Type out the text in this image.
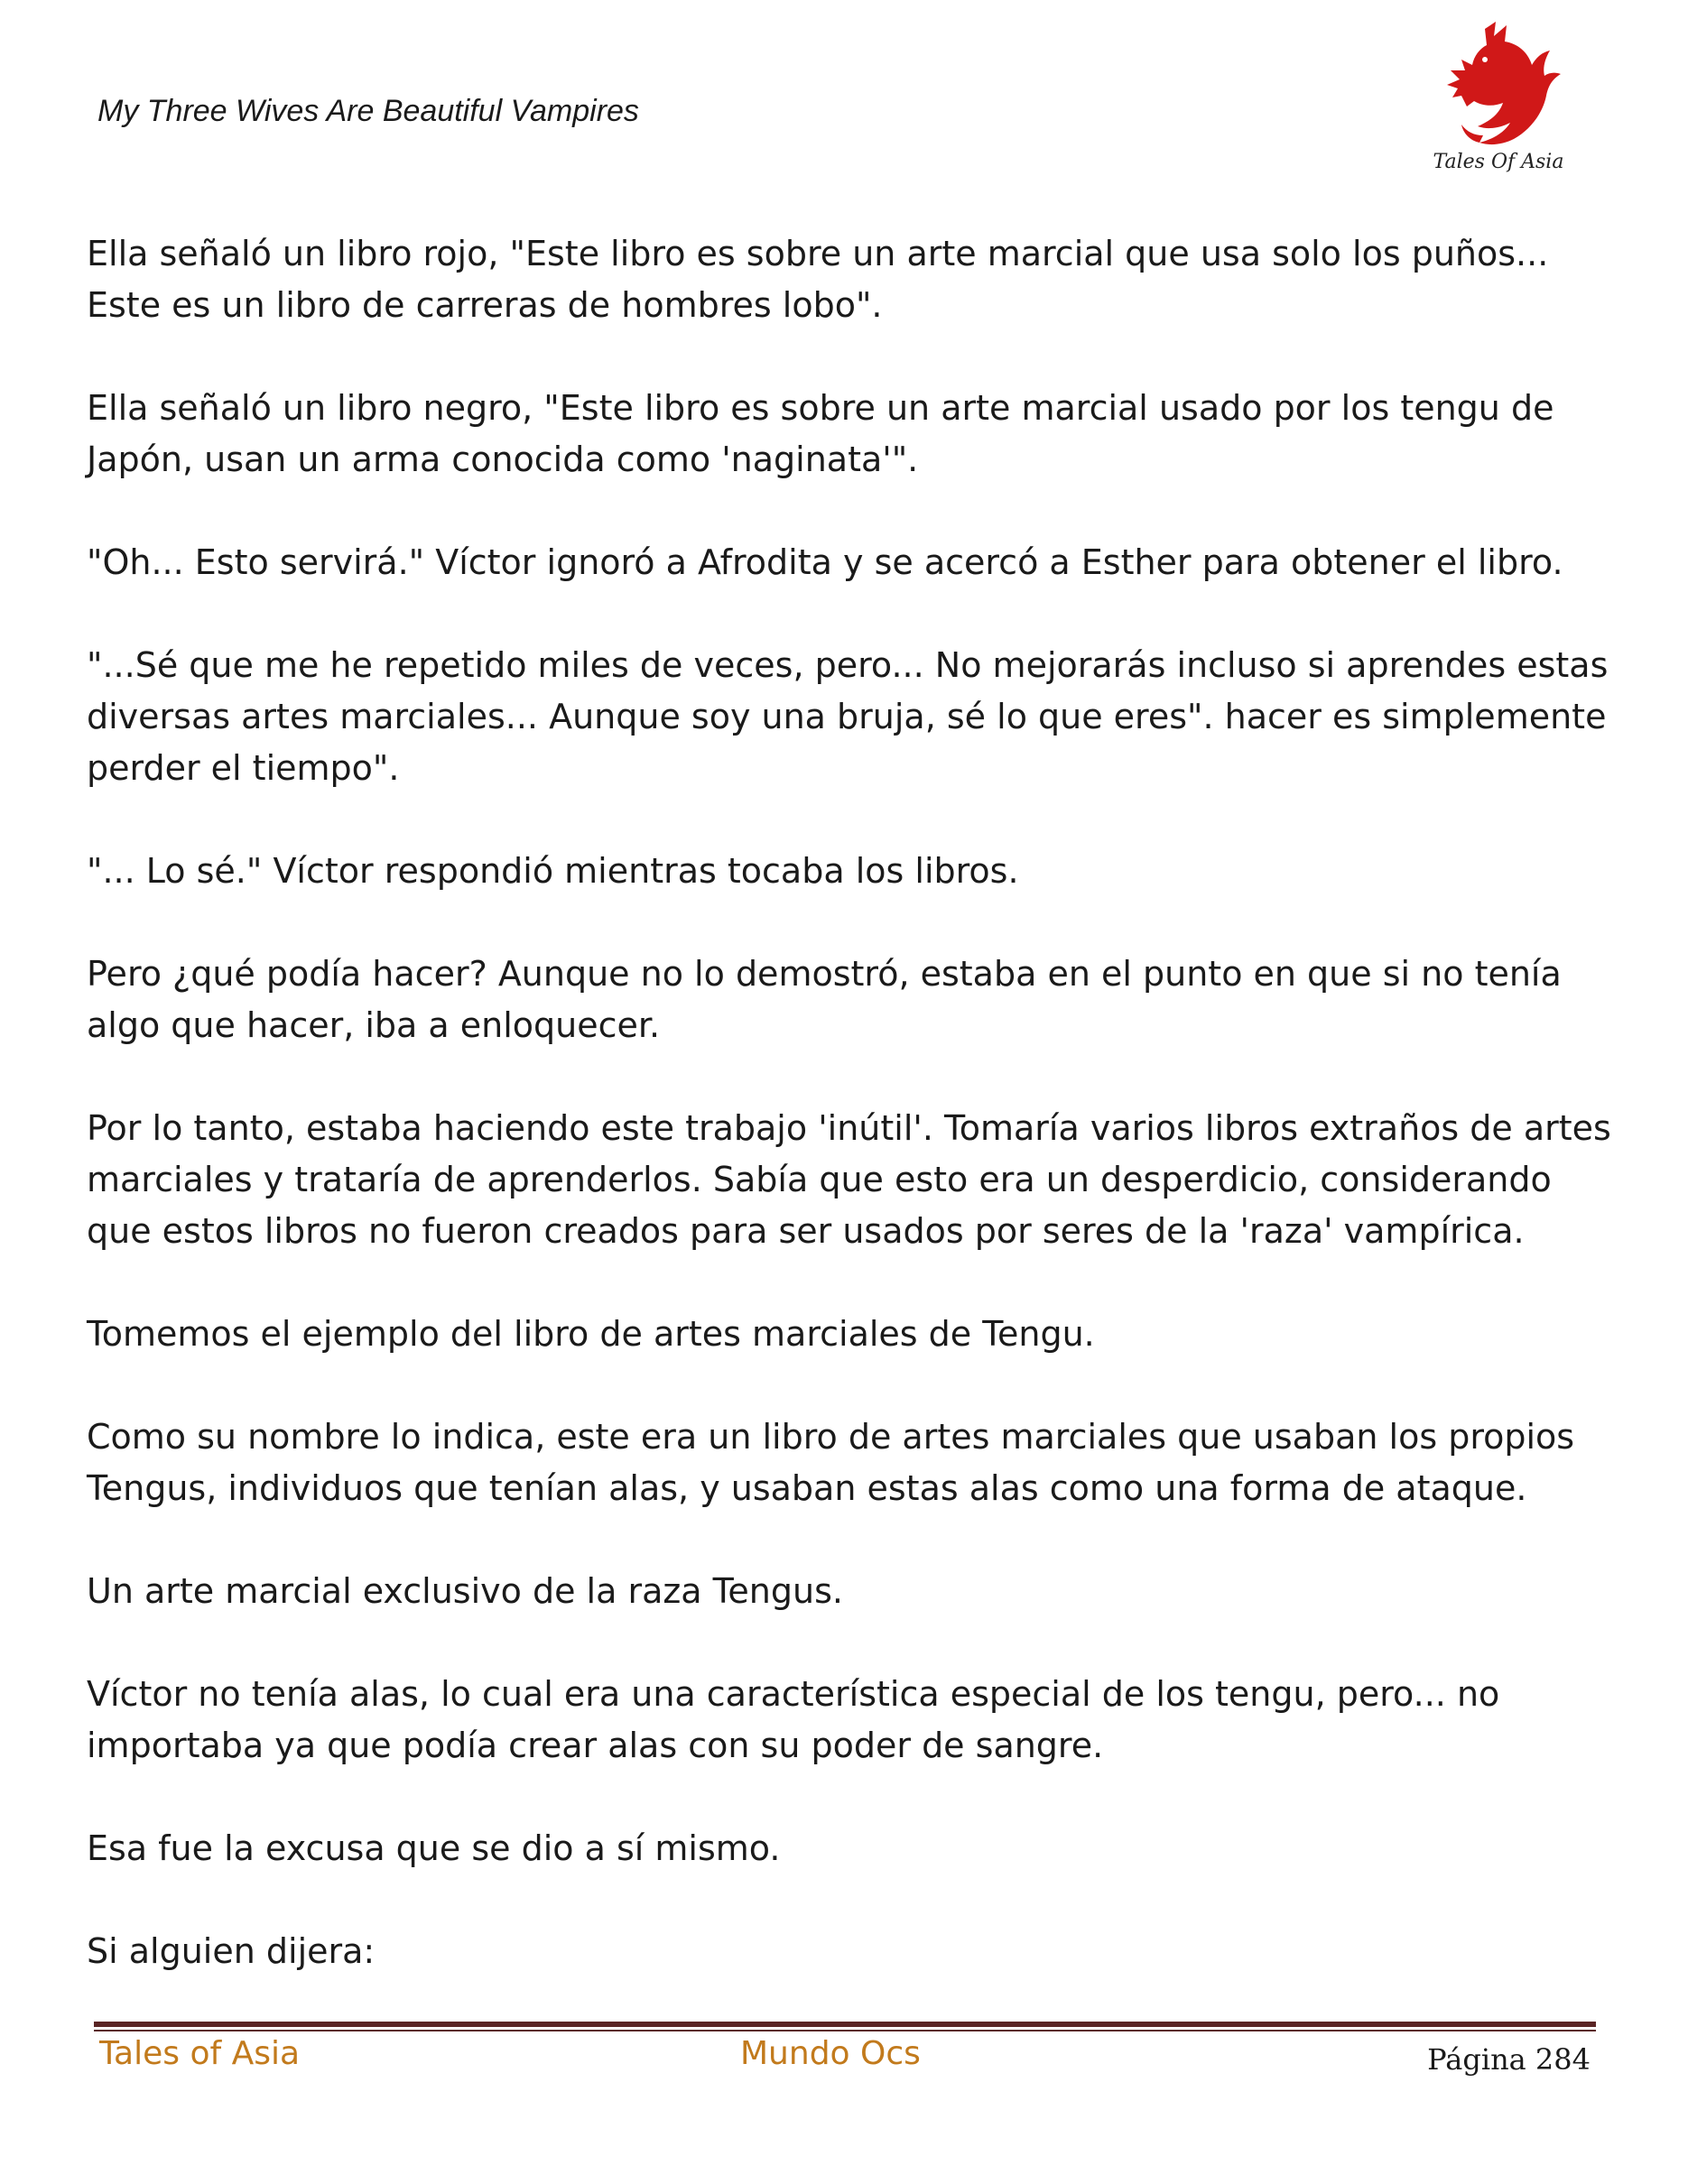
My Three Wives Are Beautiful Vampires
Tales Of Asia

Ella señaló un libro rojo, "Este libro es sobre un arte marcial que usa solo los puños... Este es un libro de carreras de hombres lobo".

Ella señaló un libro negro, "Este libro es sobre un arte marcial usado por los tengu de Japón, usan un arma conocida como 'naginata'".

"Oh... Esto servirá." Víctor ignoró a Afrodita y se acercó a Esther para obtener el libro.

"...Sé que me he repetido miles de veces, pero... No mejorarás incluso si aprendes estas diversas artes marciales... Aunque soy una bruja, sé lo que eres". hacer es simplemente perder el tiempo".

"... Lo sé." Víctor respondió mientras tocaba los libros.

Pero ¿qué podía hacer? Aunque no lo demostró, estaba en el punto en que si no tenía algo que hacer, iba a enloquecer.

Por lo tanto, estaba haciendo este trabajo 'inútil'. Tomaría varios libros extraños de artes marciales y trataría de aprenderlos. Sabía que esto era un desperdicio, considerando que estos libros no fueron creados para ser usados por seres de la 'raza' vampírica.

Tomemos el ejemplo del libro de artes marciales de Tengu.

Como su nombre lo indica, este era un libro de artes marciales que usaban los propios Tengus, individuos que tenían alas, y usaban estas alas como una forma de ataque.

Un arte marcial exclusivo de la raza Tengus.

Víctor no tenía alas, lo cual era una característica especial de los tengu, pero... no importaba ya que podía crear alas con su poder de sangre.

Esa fue la excusa que se dio a sí mismo.

Si alguien dijera:

Tales of Asia	Mundo Ocs	Página 284
